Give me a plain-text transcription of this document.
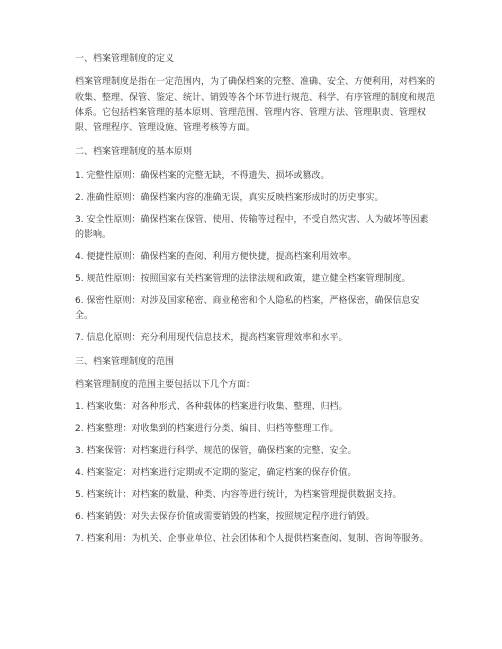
一、档案管理制度的定义
档案管理制度是指在一定范围内，为了确保档案的完整、准确、安全、方便利用，对档案的收集、整理、保管、鉴定、统计、销毁等各个环节进行规范、科学、有序管理的制度和规范体系。它包括档案管理的基本原则、管理范围、管理内容、管理方法、管理职责、管理权限、管理程序、管理设施、管理考核等方面。
二、档案管理制度的基本原则
1. 完整性原则：确保档案的完整无缺，不得遗失、损坏或篡改。
2. 准确性原则：确保档案内容的准确无误，真实反映档案形成时的历史事实。
3. 安全性原则：确保档案在保管、使用、传输等过程中，不受自然灾害、人为破坏等因素的影响。
4. 便捷性原则：确保档案的查阅、利用方便快捷，提高档案利用效率。
5. 规范性原则：按照国家有关档案管理的法律法规和政策，建立健全档案管理制度。
6. 保密性原则：对涉及国家秘密、商业秘密和个人隐私的档案，严格保密，确保信息安全。
7. 信息化原则：充分利用现代信息技术，提高档案管理效率和水平。
三、档案管理制度的范围
档案管理制度的范围主要包括以下几个方面：
1. 档案收集：对各种形式、各种载体的档案进行收集、整理、归档。
2. 档案整理：对收集到的档案进行分类、编目、归档等整理工作。
3. 档案保管：对档案进行科学、规范的保管，确保档案的完整、安全。
4. 档案鉴定：对档案进行定期或不定期的鉴定，确定档案的保存价值。
5. 档案统计：对档案的数量、种类、内容等进行统计，为档案管理提供数据支持。
6. 档案销毁：对失去保存价值或需要销毁的档案，按照规定程序进行销毁。
7. 档案利用：为机关、企事业单位、社会团体和个人提供档案查阅、复制、咨询等服务。
